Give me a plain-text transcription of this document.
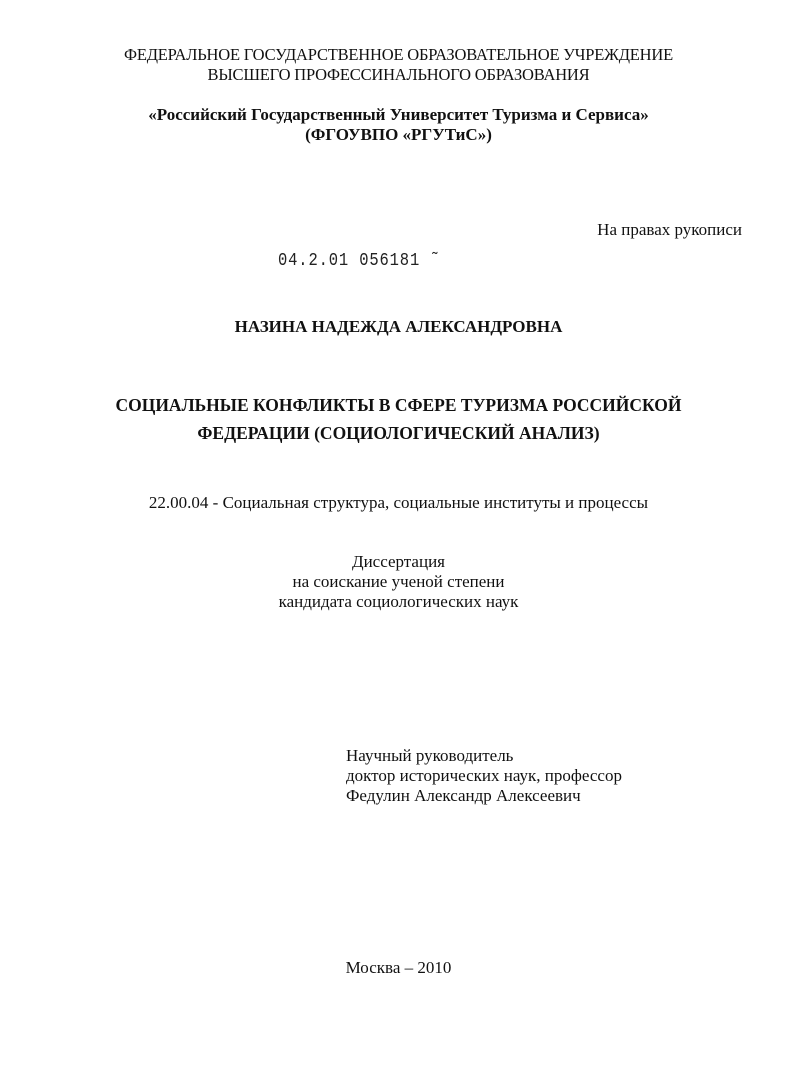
ФЕДЕРАЛЬНОЕ ГОСУДАРСТВЕННОЕ ОБРАЗОВАТЕЛЬНОЕ УЧРЕЖДЕНИЕ
ВЫСШЕГО ПРОФЕССИНАЛЬНОГО ОБРАЗОВАНИЯ
«Российский Государственный Университет Туризма и Сервиса»
(ФГОУВПО «РГУТиС»)
На правах рукописи
04.2.01 056181 ˜
НАЗИНА НАДЕЖДА АЛЕКСАНДРОВНА
СОЦИАЛЬНЫЕ КОНФЛИКТЫ В СФЕРЕ ТУРИЗМА РОССИЙСКОЙ
ФЕДЕРАЦИИ (СОЦИОЛОГИЧЕСКИЙ АНАЛИЗ)
22.00.04 - Социальная структура, социальные институты и процессы
Диссертация
на соискание ученой степени
кандидата социологических наук
Научный руководитель
доктор исторических наук, профессор
Федулин Александр Алексеевич
Москва – 2010
